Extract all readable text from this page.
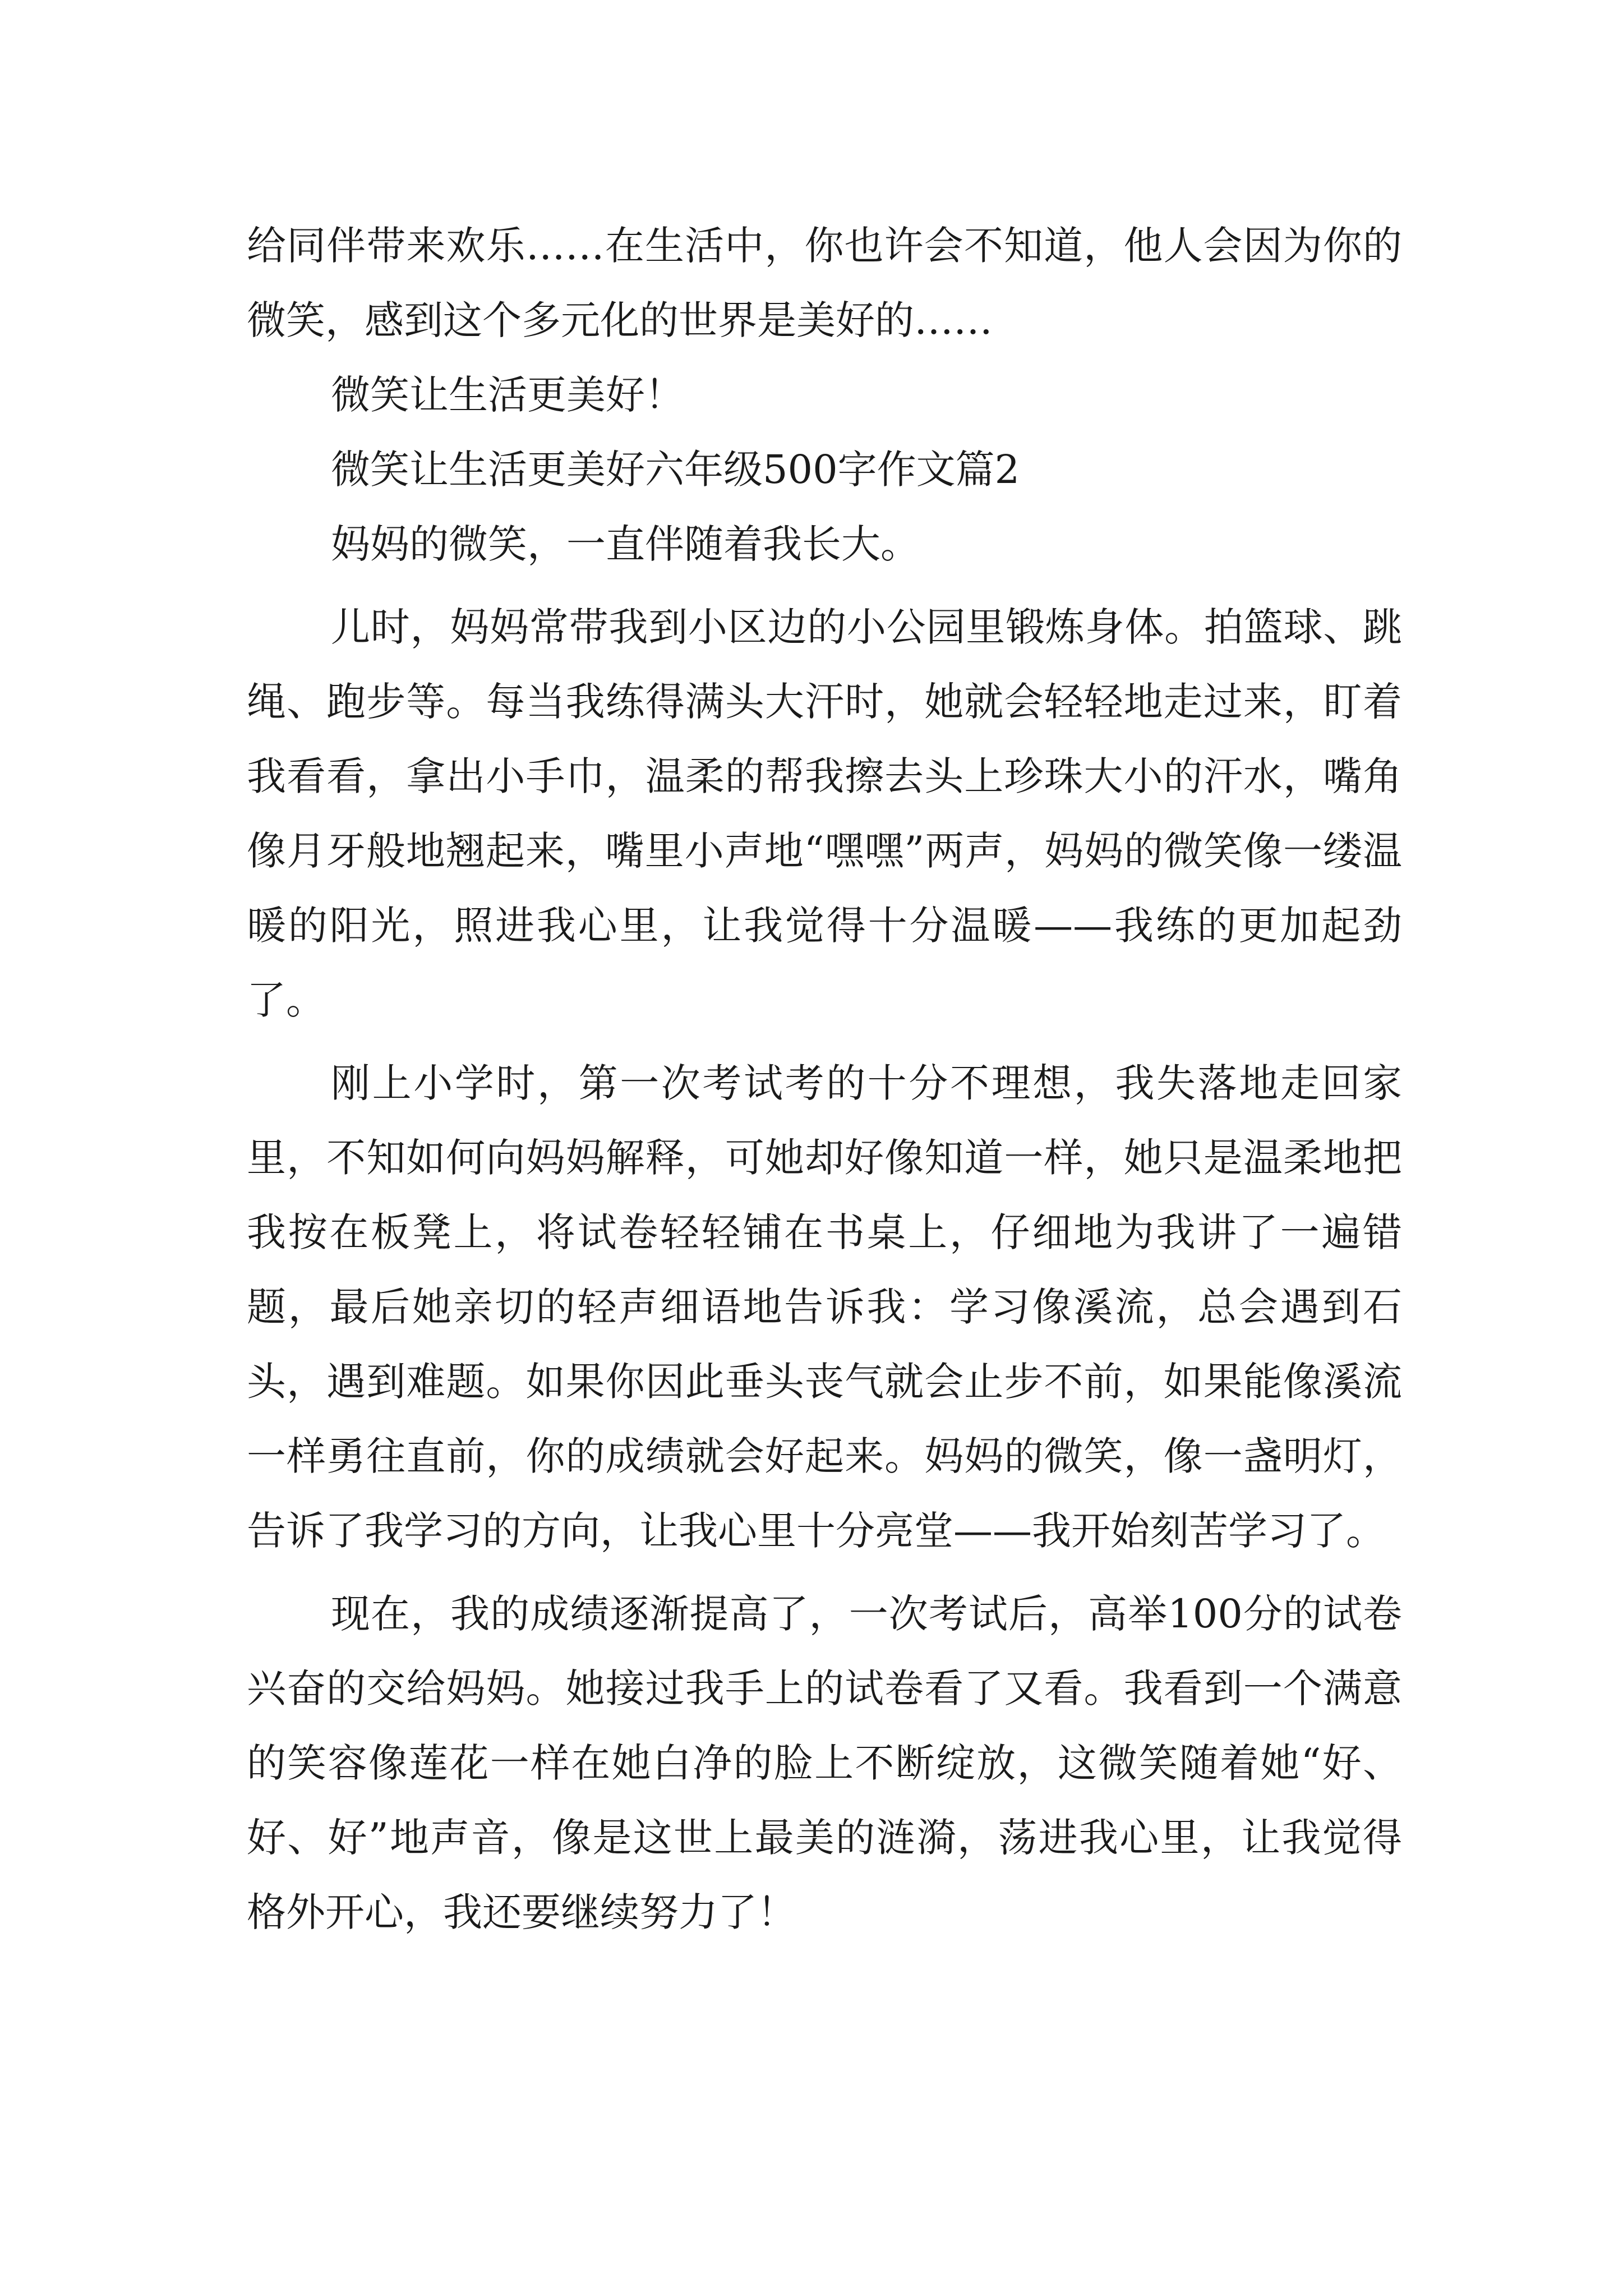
给同伴带来欢乐……在生活中，你也许会不知道，他人会因为你的微笑，感到这个多元化的世界是美好的……

微笑让生活更美好！

微笑让生活更美好六年级500字作文篇2

妈妈的微笑，一直伴随着我长大。

儿时，妈妈常带我到小区边的小公园里锻炼身体。拍篮球、跳绳、跑步等。每当我练得满头大汗时，她就会轻轻地走过来，盯着我看看，拿出小手巾，温柔的帮我擦去头上珍珠大小的汗水，嘴角像月牙般地翘起来，嘴里小声地“嘿嘿”两声，妈妈的微笑像一缕温暖的阳光，照进我心里，让我觉得十分温暖——我练的更加起劲了。

刚上小学时，第一次考试考的十分不理想，我失落地走回家里，不知如何向妈妈解释，可她却好像知道一样，她只是温柔地把我按在板凳上，将试卷轻轻铺在书桌上，仔细地为我讲了一遍错题，最后她亲切的轻声细语地告诉我：学习像溪流，总会遇到石头，遇到难题。如果你因此垂头丧气就会止步不前，如果能像溪流一样勇往直前，你的成绩就会好起来。妈妈的微笑，像一盏明灯，告诉了我学习的方向，让我心里十分亮堂——我开始刻苦学习了。

现在，我的成绩逐渐提高了，一次考试后，高举100分的试卷兴奋的交给妈妈。她接过我手上的试卷看了又看。我看到一个满意的笑容像莲花一样在她白净的脸上不断绽放，这微笑随着她“好、好、好”地声音，像是这世上最美的涟漪，荡进我心里，让我觉得格外开心，我还要继续努力了！
